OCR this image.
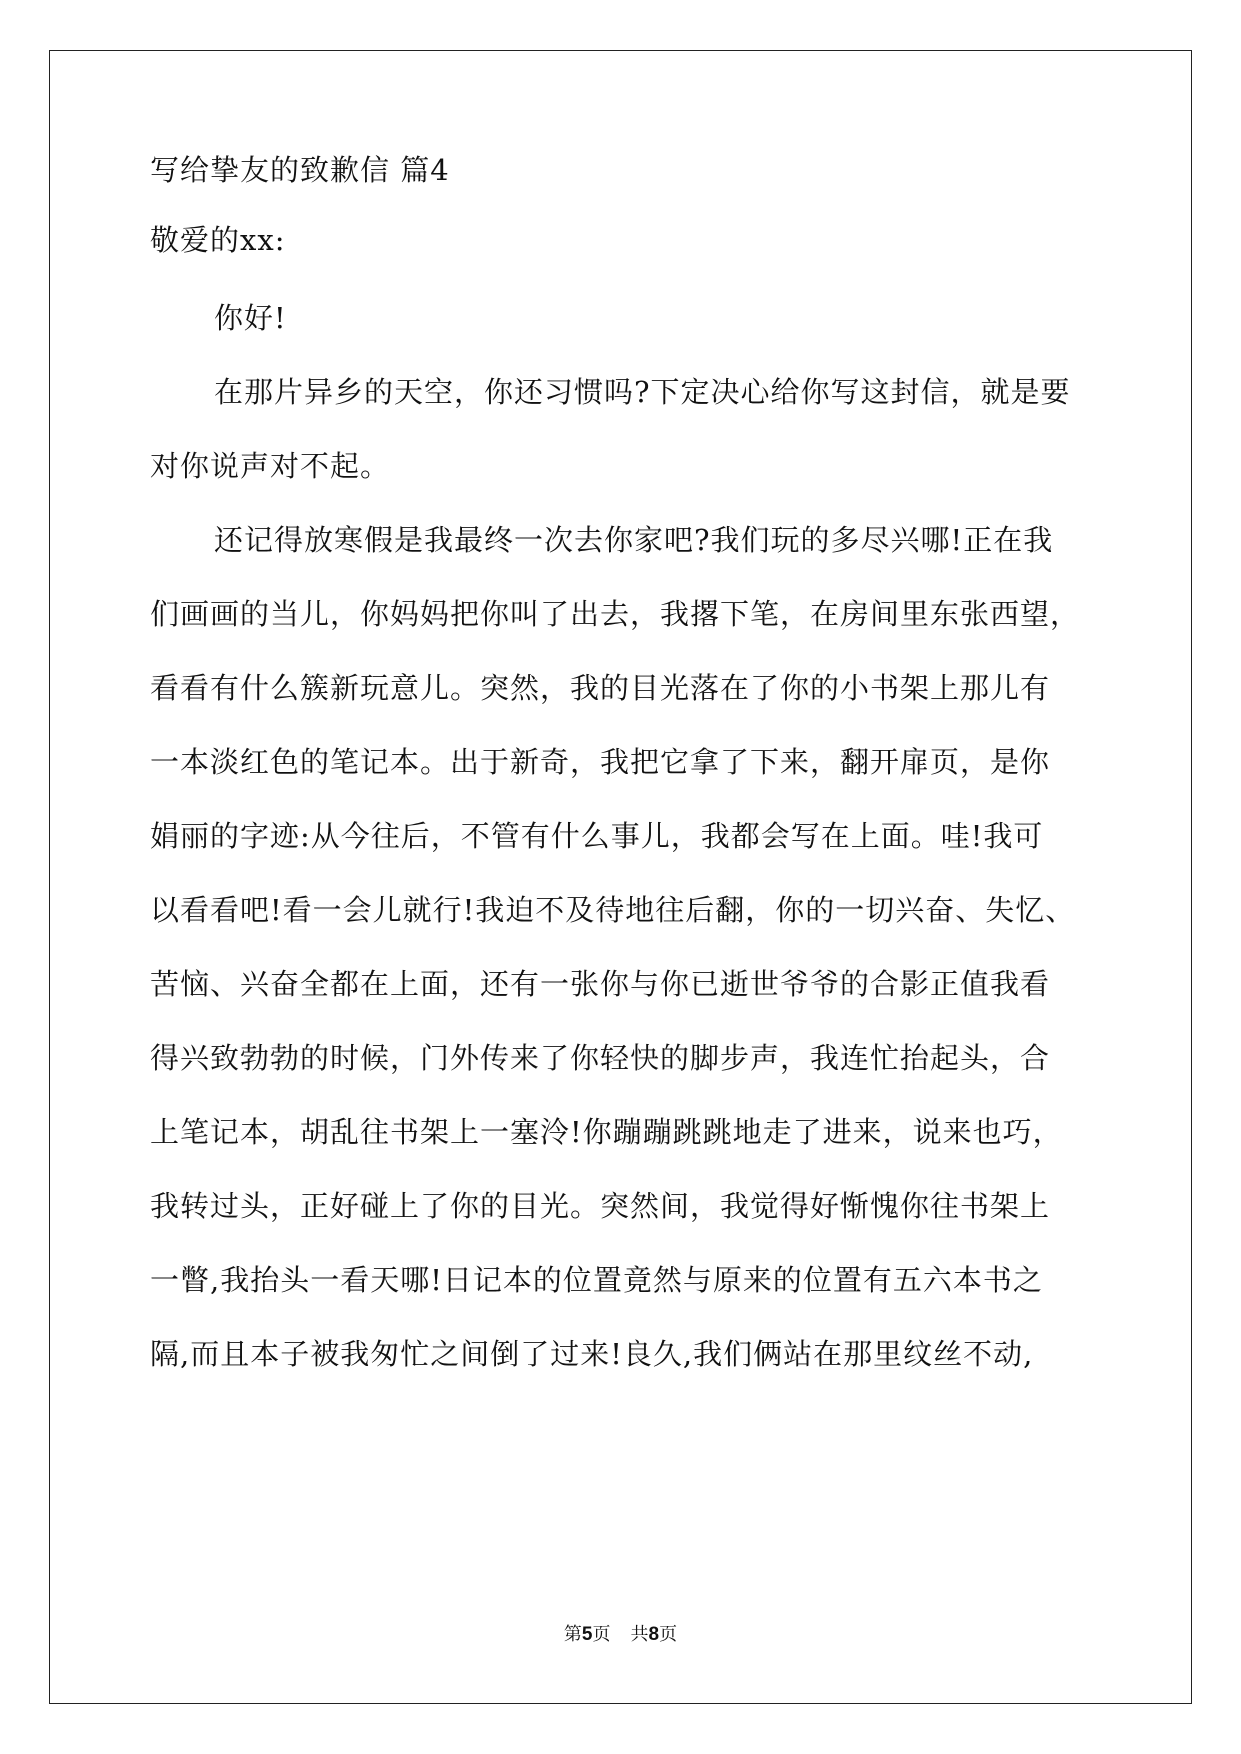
写给挚友的致歉信 篇4

敬爱的xx:

你好!

在那片异乡的天空，你还习惯吗?下定决心给你写这封信，就是要

对你说声对不起。

还记得放寒假是我最终一次去你家吧?我们玩的多尽兴哪!正在我

们画画的当儿，你妈妈把你叫了出去，我撂下笔，在房间里东张西望，

看看有什么簇新玩意儿。突然，我的目光落在了你的小书架上那儿有

一本淡红色的笔记本。出于新奇，我把它拿了下来，翻开扉页，是你

娟丽的字迹:从今往后，不管有什么事儿，我都会写在上面。哇!我可

以看看吧!看一会儿就行!我迫不及待地往后翻，你的一切兴奋、失忆、

苦恼、兴奋全都在上面，还有一张你与你已逝世爷爷的合影正值我看

得兴致勃勃的时候，门外传来了你轻快的脚步声，我连忙抬起头，合

上笔记本，胡乱往书架上一塞泠!你蹦蹦跳跳地走了进来，说来也巧，

我转过头，正好碰上了你的目光。突然间，我觉得好惭愧你往书架上

一瞥,我抬头一看天哪!日记本的位置竟然与原来的位置有五六本书之

隔,而且本子被我匆忙之间倒了过来!良久,我们俩站在那里纹丝不动,

第5页 共8页
